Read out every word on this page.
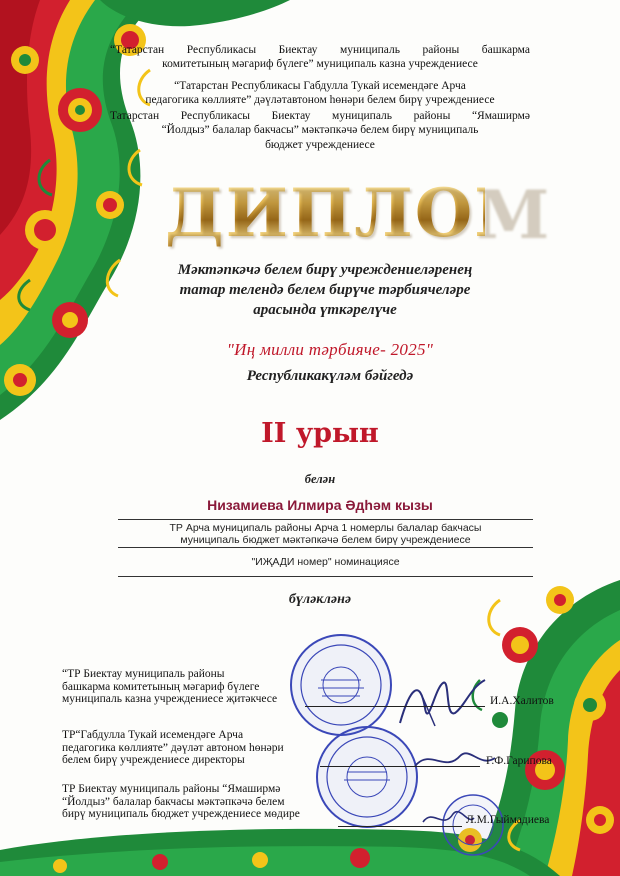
“Татарстан Республикасы Биектау муниципаль районы башкарма
комитетының мәгариф бүлеге” муниципаль казна учреждениесе
“Татарстан Республикасы Габдулла Тукай исемендәге Арча
педагогика көллияте” дәүләтавтоном һөнәри белем бирү учреждениесе
Татарстан Республикасы Биектау муниципаль районы “Ямаширмә
“Йолдыз” балалар бакчасы” мәктәпкәчә белем бирү муниципаль
бюджет учреждениесе
ДИПЛОМ
Мәктәпкәчә белем бирү учреждениеләренең
татар телендә белем бирүче тәрбиячеләре
арасында үткәрелүче
"Иң милли тәрбияче- 2025"
Республикакүләм бәйгедә
II урын
белән
Низамиева Илмира Әдһәм кызы
ТР Арча муниципаль районы Арча 1 номерлы балалар бакчасы
муниципаль бюджет мәктәпкәчә белем бирү учреждениесе
"ИҖАДИ номер" номинациясе
бүләкләнә
“ТР Биектау муниципаль районы
башкарма комитетының мәгариф бүлеге
муниципаль казна учреждениесе җитәкчесе	И.А.Халитов
ТР“Габдулла Тукай исемендәге Арча
педагогика көллияте” дәүләт автоном һөнәри
белем бирү учреждениесе директоры	Г.Ф.Гарипова
ТР Биектау муниципаль районы “Ямаширмә
“Йолдыз” балалар бакчасы мәктәпкәчә белем
бирү муниципаль бюджет учреждениесе мөдире	Л.М.Гыймадиева
